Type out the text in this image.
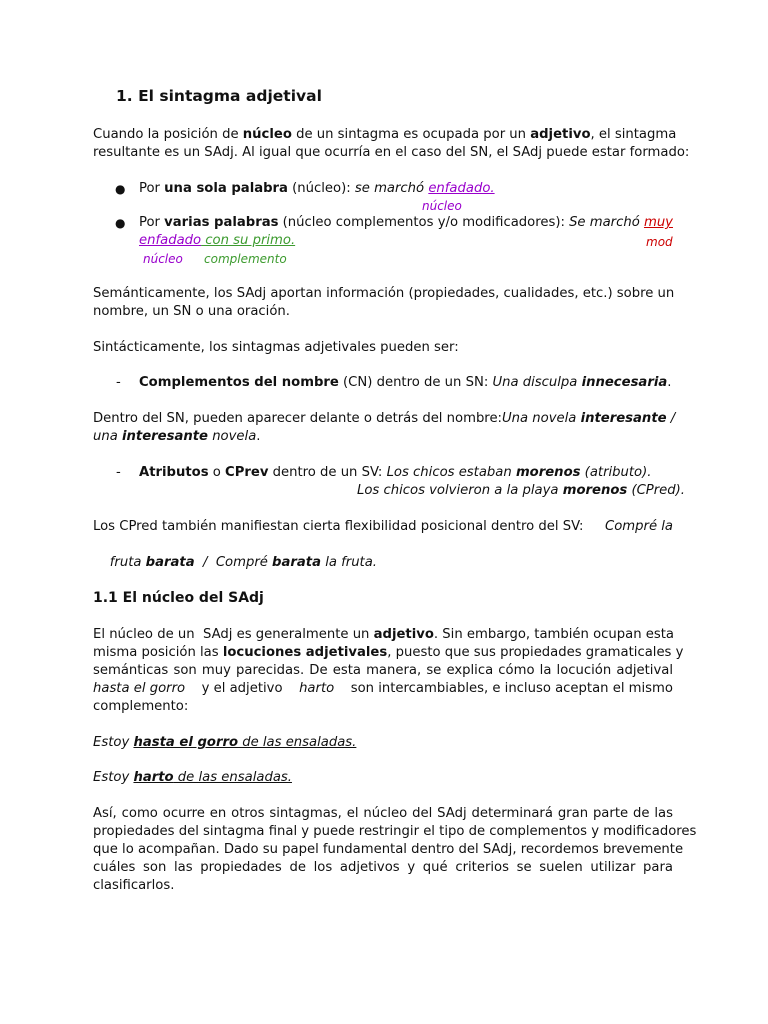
1. El sintagma adjetival
Cuando la posición de núcleo de un sintagma es ocupada por un adjetivo, el sintagma
resultante es un SAdj. Al igual que ocurría en el caso del SN, el SAdj puede estar formado:
● Por una sola palabra (núcleo): se marchó enfadado.
núcleo
● Por varias palabras (núcleo complementos y/o modificadores): Se marchó muy
enfadado con su primo.	mod
núcleo complemento
Semánticamente, los SAdj aportan información (propiedades, cualidades, etc.) sobre un
nombre, un SN o una oración.
Sintácticamente, los sintagmas adjetivales pueden ser:
- Complementos del nombre (CN) dentro de un SN: Una disculpa innecesaria.
Dentro del SN, pueden aparecer delante o detrás del nombre: Una novela interesante /
una interesante novela.
- Atributos o CPrev dentro de un SV: Los chicos estaban morenos (atributo).
Los chicos volvieron a la playa morenos (CPred).
Los CPred también manifiestan cierta flexibilidad posicional dentro del SV: Compré la

fruta barata  /  Compré barata la fruta.

1.1 El núcleo del SAdj
El núcleo de un  SAdj es generalmente un adjetivo . Sin embargo, también ocupan esta
misma posición las locuciones adjetivales , puesto que sus propiedades gramaticales y
semánticas son muy parecidas. De esta manera, se explica cómo la locución adjetival
hasta el gorro y el adjetivo harto son intercambiables, e incluso aceptan el mismo
complemento:
Estoy hasta el gorro de las ensaladas.
Estoy harto de las ensaladas.
Así, como ocurre en otros sintagmas, el núcleo del SAdj determinará gran parte de las
propiedades del sintagma final y puede restringir el tipo de complementos y modificadores
que lo acompañan. Dado su papel fundamental dentro del SAdj, recordemos brevemente
cuáles son las propiedades de los adjetivos y qué criterios se suelen utilizar para
clasificarlos.
